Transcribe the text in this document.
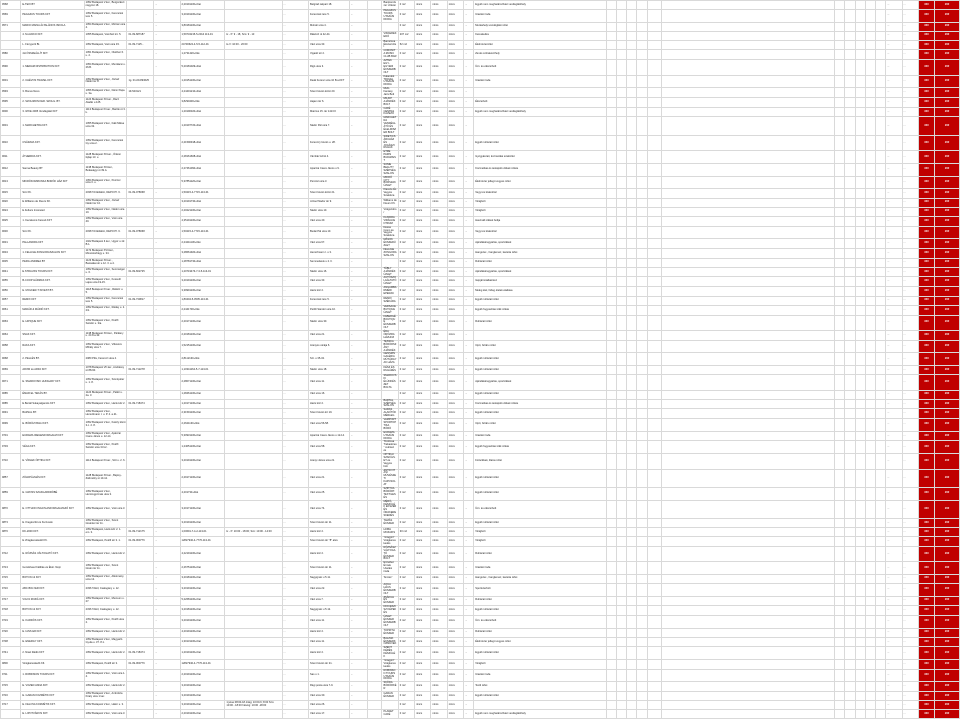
9568	E-TEXI BT	1052 Budapest V.ker., Bergszászi négyzet 18.		...	2,20191130+0ûé		...	Belgrád rakpart 18.	...		Bankrendszer Üzletei	0 m2	nincs	nincs	nincs	...	Egyéb nem meghatározható vendéglátóhely												...	...	###	###
9569	PEGAZUS TOURS KFT	1052 Budapest V.ker., Ferenciek tere 5.		...	3,20191130+0ûé		...	Ferenciek tere 5.	...		PEGAZUS TOURS UTAZÁSI IRODA	0 m2	nincs	nincs	nincs	...	Utazási iroda												...	...	###	###
9571	MARIO MAINA ÁLTALÁNOS ISKOLA	1054 Budapest V.ker., Molnár utca 4.		...	3,80181130+0ûé		...	Molnár utca 4.	...			0 m2	nincs	nincs	nincs	...	Munkahelyi vendéglátó üzlet												...	...	###	###
	4. M-AVAKO KFT.	1055 Budapest, Vámház krt. 5.	01-09-687187	...	1,59734215-5-2014 113-01	H - P: 9 - 18, Szo: 9 - 13	...	Rákóczi út 42-44.	...		VIKKEREKEDŐ	207 m2	nincs	nincs	nincs	...	Kereskedés												...	...	###	###
	L. Fényporti Bt.	1052 Budapest, Váci utca 33.	01-09-7125...	...	24730622-4-5-5-112-01	H-V: 10:00 - 20:00	...	Váci utca 33.	...		Barcelona Ékszerüzlet	52 m2	nincs	nincs	nincs	...	Élelmiszerüzlet												...	...	###	###
9580	4H ÖSSZEÁLLÍT KFT.	1051 Budapest V.ker., Október 6. u. 2.		...	1,2731420+0ûé		...	Vigadó tér 2.	...		CORONITA MUSIC CLUB BAR	0 m2	nincs	nincs	nincs	...	Zenés szórakozóhely												...	...	###	###
9590	1. MEDAM DISTRIBUTION KFT.	1054 Budapest V.ker., Munkácsi u. 26.B.		...	5,20181029+0ûé		...	Rigó utca 3.	...		AZTEK EGY-EGYEDI ÉKSZERBOLT	0 m2	nincs	nincs	nincs	...	Üzv. és ékszerbolt												...	...	###	###
9601	2. CHÉVOS TRAVEL KFT.	1052 Budapest V.ker., József Nádor tér 8.	1g. 01-09-893625	...	1,20151130+0ûé		...	Deák Ferenc utca 10 B.a.KFT	...		Kalandok TRAVEL UTAZÁSI IRODA	0 m2	nincs	nincs	nincs	...	Utazási iroda												...	...	###	###
9593	3. Bonus Nexo	1056 Budapest V.ker., Dánn Papa u. 3a.	19-543121	...	4,24401210+0ûé		...	Szent István körút 20.	...		Multi-Fantasy Jairs Bolt	0 m2	nincs	nincs	nincs	...													...	...	###	###
9595	2. SZOLIMON KER. SZOLG. BT.	1124 Budapest XII.ker., Rácz Aladár u.125.		...	3,8290430+0ûé		...	Hajam tér 6.	...		MILKIP AJÁNDÉKBOLT	0 m2	nincs	nincs	nincs	...	Ékszerbolt												...	...	###	###
9600	3. IZIVE 2005 Vendéglátó KFT	1113 Budapest XI.ker., Bartók út 3. k.		...	1,20190320+0ûé		...	Március 15. tér 1413 K	...		CAFÉ CENTRA KÁVÉZÓ	0 m2	nincs	nincs	nincs	...	Egyéb nem meghatározható vendéglátóhely												...	...	###	###
9601	1. MARCHETRA KFT.	1055 Budapest V.ker., Falk Miksa utca 32.		...	1,20197720+0ûé		...	Nádor Pál utca 7.	...		MARCHETRA VENDÉGLÁTÓ ÉS ÉLELMISZER BOLT	0 m2	nincs	nincs	nincs	...													...	...	###	###
9610	CSÁRAVA KFT.	1052 Budapest V.ker., Ferenciek Gy utca 2.		...	2,21590918+0ûé		...	Ferenczy István u. 28.	...		SIDETICS ÁRUHÁZ ÉS JOGÁSZI RUHÁK	0 m2	nincs	nincs	nincs	...	Egyéb ruházati üzlet												...	...	###	###
9611	ÁTHERDIA KFT.	1128 Budapest XII.ker., Őrkési fejlap 13. u.		...	2,28161608+0ûé		...	Vámház körút 4.	...		ETRE PARIS BUDAPEST	0 m2	nincs	nincs	nincs	...	Gyógyászati, kozmetikai szaküzlet												...	...	###	###
9612	Sanna Beauty BT	1138 Budapest XIII.ker., Bokaságyi út 39.A.		...	2,27461090+0ûé		...	Apáczai Csere János u 9.	...		SOME BEAUTY SZÉPSÉGSZALON	0 m2	nincs	nincs	nincs	...	Kozmetikai és testápoló cikkek üzlete												...	...	###	###
9613	MIKRÓKOMMUNKA BORÓK HÁZ KFT	1054 Budapest V.ker., Perczel utca 3. u.		...	5,37851120+0ûé		...	Perczel utca 3.	...		MIKRÓ CITY BORSZAKÜZLET	0 m2	nincs	nincs	nincs	...	Élelmiszer jellegű vegyes üzlet												...	...	###	###
9615	Szú Kft.	2038 Törökbálint, DEPO Pf. 6.	01-09-078068	...	1,50215-4-7715-113-01		...	Szent István körút 21.	...		Klassze És Vegyes Szakokra	0 m2	nincs	nincs	nincs	...	Vegyi és kisáruház												...	...	###	###
9620	E.Williams de Fleurs Kft.	1052 Budapest V.ker., József Nádor tér 10.		...	3,20191730+0ûé		...	József Nádor tér 9.	...		Williams de Fleurs Kft.	0 m2	nincs	nincs	nincs	...	Virágbolt												...	...	###	###
9624	E.Fellucs Incorated	1052 Budapest V.ker., Nádor utca 10.		...	2,20221130+0ûé		...	Nádor utca 10.	...		Virágszobor	0 m2	nincs	nincs	nincs	...	Virágbolt												...	...	###	###
9625	1. Kecskemé Kereső KFT	1052 Budapest V.ker., Váci utca 40.		...	4,35191130+0ûé		...	Váci utca 40.	...		KLINDRA VIRÁGCENTRUM	0 m2	nincs	nincs	nincs	...	Használt cikkek boltja												...	...	###	###
9630	Szú Kft.	2038 Törökbálint, DEPO Pf. 6.	01-09-078068	...	1,50215-4-7715-113-01		...	Budai Pál utca 10.	...		Dessa Cosm és Vegyes Szakokra	0 m2	nincs	nincs	nincs	...	Vegyi és kisáruház												...	...	###	###
9631	PALLANDRA KFT	1022 Budapest II.ker., Ugyér u.12. B.1.		...	2,24211130+0ûé		...	Váci utca 67.	...		MÁSOK ÉKSZERÜZLET	0 m2	nincs	nincs	nincs	...	Ajándékárugyártás, sportcikkek												...	...	###	###
9634	1. FELLIGE ZONGORASZALON KFT	1172 Budapest XVII.ker., Monostorbégy u. 34.		...	3,28661920+0ûé		...	Henszlmann I. u 3.	...		FELLIGE ZONGORASZALON	0 m2	nincs	nincs	nincs	...	Hangszer-, hanglemez, kazetta üzlet												...	...	###	###
9635	PERG ANDREA BT	1123 Budapest XII.ker., Bacsákemér u.12. 3. a.4.		...	1,28781730+0ûé		...	Semmelweis u 2. ll.	...			0 m2	nincs	nincs	nincs	...	Ruházati üzlet												...	...	###	###
9641	E.STRAUSS TOURS KFT.	1052 Budapest V.ker., Semmelgei u. 6.	01-09-662725	...	1,20719473-7-3-5-113-01		...	Nádor utca 16.	...		TÁBLY AJÁNDÉKÜZLET	0 m2	nincs	nincs	nincs	...	Ajándékárugyártás, sportcikkek												...	...	###	###
9655	B-COOP HÁRMAS KFT.	1052 Budapest V.ker., Kossuth Lajos utca 19-15.		...	3,20191130+0ûé		...	Váci utca 33.	...		AUTÓSZOLGÁLTATÓ ÜZLET	0 m2	nincs	nincs	nincs	...	Gépjárműalkatrész												...	...	###	###
9656	E. MOLKER-T INVEST BT.	1118 Budapest XI.ker., Rétköz u. 5.		...	3,39991130+0ûé		...	Haris köz 2.	...		ANGAMBARMÉRI EPERAK	0 m2	nincs	nincs	nincs	...	Meleg étel, hideg ételek eladása												...	...	###	###
9657	REMIX KFT	1052 Budapest V.ker., Ferenciek tere 5.	01-09-730817	...	1,80404-5-0505-113-01		...	Ferenciek tere 5.	...		REMIX SZÉKÁRA	0 m2	nincs	nincs	nincs	...	Egyéb ruházati üzlet												...	...	###	###
9661	MADÁR & MÁRIÓ KFT.	1052 Budapest V.ker., Ráday u. 2. 2/1.		...	2,2441730+0ûé		...	Petőfi Sándor utca 10.	...		VERSACE BUTIQUE ÜZLET	0 m2	nincs	nincs	nincs	...	Egyéb fogyasztási cikk üzlete												...	...	###	###
9663	E. HIPIQUE KFT.	1052 Budapest V.ker., Petőfi Sándor u. 3/a.		...	2,20171130+0ûé		...	Nádor utca 30.	...		FABERGÉ BOUTIQUE ÉKSZERBOLT	0 m2	nincs	nincs	nincs	...	Ruházati üzlet												...	...	###	###
9664	SNAK KFT.	1138 Budapest XIII.ker., Párkány u. 24 8.a.32.		...	2,20181130+0ûé		...	Váci utca 21.	...		ÉDA ÖRÖZRA HÁZHOZ	0 m2	nincs	nincs	nincs	...													...	...	###	###
9658	RAKA KFT.	1052 Budapest V.ker., Vitkovics Mihály utca 7.		...	1,52151130+0ûé		...	Aranyos utcája 6.	...		TESSKA BÖRÖRSZÁNY AJÁNDÉK	0 m2	nincs	nincs	nincs	...	Cipő, bőráru üzlet												...	...	###	###
9668	2. PELLÉS BT.	2080 Pilis, Ferenczi utca 4.		...	2,8112130+0ûé		...	Szt. u 35-32.	...		GENSZIN GALÉRIA MŰTÁRGYAK HÁZA	0 m2	nincs	nincs	nincs	...	Egyéb ruházati üzlet												...	...	###	###
9669	ARVIR és ARDJ KFT.	1078 Budapest VII.ker., Andrássy út 88-90.	01-09-712278	...	1,10341164-5-7-113-01		...	Nádor utca 18.	...		KÉSZ ÉS RUHÁZÉS	0 m2	nincs	nincs	nincs	...	Egyéb ruházati üzlet												...	...	###	###
9671	E. SMAROVSKI HUNGARY KFT.	1052 Budapest V.ker., Szentpéter u. 1. 8.		...	2,28071130+0ûé		...	Váci utca 11.	...		SMAROVSKI ÉLÜNKÉSZET BOLTA	0 m2	nincs	nincs	nincs	...	Ajándékárugyártás, sportcikkek												...	...	###	###
9685	ÉMAR EL TEKÁS BT.	1124 Budapest XII.ker., Pallér u. 2a. 3.		...	1,28461130+0ûé		...	Váci utca 16.	...			0 m2	nincs	nincs	nincs	...	Egyéb ruházati üzlet												...	...	###	###
9685	E.Bertál Sukayalganolo KFT	1052 Budapest V.ker., Haris köz 2.	01-09-718474	...	1,20171130+0ûé		...	Haris köz 2.	...		BARTAL SZÉPSÉGSZALON	0 m2	nincs	nincs	nincs	...	Kozmetikai és testápoló cikkek üzlete												...	...	###	###
9691	BAZSAL BT.	1052 Budapest V.ker., Henszlmann I. u. P. 4. a.21.		...	2,31591130+0ûé		...	Szent István krt 19.	...		SARAS ALAKÍTÓK MÉRLEG	0 m2	nincs	nincs	nincs	...	Egyéb ruházati üzlet												...	...	###	###
9699	E. BÖRÖZI BAGI KFT.	1052 Budapest V.ker., Károly körút 3.c. 2. 8.		...	2,2621130+0ûé		...	Váci utca 56-58.	...		VAMPORT SPORTOPTIKA BÖRÖ	0 m2	nincs	nincs	nincs	...	Cipő, bőráru üzlet												...	...	###	###
9701	EURAMA IDEGENFORGALMI KFT	1052 Budapest V.ker., Apáczai Csere János u. 12-14.		...	5,30931130+0ûé		...	Apáczai Csere János u 12-14.	...		EURAMA UTAZÁSI IRODA	0 m2	nincs	nincs	nincs	...	Utazási iroda												...	...	###	###
9703	VÉGA KFT.	1052 Budapest V.ker., Petőfi Sándor utca 3.Fsz.		...	1,24051130+0ûé		...	Váci utca 58.	...		"Dolcissa Trabadores" cukrász és	0 m2	nincs	nincs	nincs	...	Egyéb fogyasztási cikk üzlete												...	...	###	###
9710	E. VÍRLEK ÓPTIKA KFT.	1112 Budapest XI.ker., Sző u. 2. 6.		...	3,20191130+0ûé		...	Aranyi János utca 21.	...		OPTIKAI SZAKÜZLET és Vegyes bolt	0 m2	nincs	nincs	nincs	...	Fotócikkek, illatos üzlet												...	...	###	###
9857	ZÖLDPÁLMÁS KFT.	1128 Budapest XII.ker., Bajcsy-Zsilinszky út 10-12.		...	2,29171130+0ûé		...	Váci utca 21.	...		ANTIKVITÁSI MÜVÉSZETI KAPCSOLAT	0 m2	nincs	nincs	nincs	...	Egyéb ruházati üzlet												...	...	###	###
9859	E. GROSS SZAKGARDRÓBÉ	1052 Budapest V.ker., Herczegprímás utca 3.		...	4,201730+0ûé		...	Váci utca 25.	...		SZIPTOA BÖRÖRT. TEXTILES ÉS	0 m2	nincs	nincs	nincs	...	Egyéb ruházati üzlet												...	...	###	###
9870	E. OTTHON INGATLANFORGALMAZÓ KFT	1052 Budapest V.ker., Váci utca 3.		...	3,20171130+0ûé		...	Váci utca 74.	...		MÉRÖ-KÉSZÜLÉK ÉKSZER ÉS ÓRAKERESKEDÉS	0 m2	nincs	nincs	nincs	...	Üzv. és ékszerbolt												...	...	###	###
9873	E. Kiegészítő és Kurzusok	1052 Budapest V.ker., Szent Istvántér tér 11.		...	3,20191130+0ûé		...	Szent István tér 11.	...		TAMÁS ÉKSZER	0 m2	nincs	nincs	nincs	...	Egyéb ruházati üzlet												...	...	###	###
9876	DK-2000 KFT.	1052 Budapest, Haris köz 2. 1. em. 3.	01-09-712175	...	1,00691-7-4-2-113-01	H - P: 10:00 - 18:00; Szo: 10:00 - 14:00	...	Haris köz 2.	...		HOBLI MOZAIKS	30 m2	nincs	nincs	nincs	...	Virágbolt												...	...	###	###
	E.Virágkereskedő Kft.	1052 Budapest, Petőfi tér 3. 1.	01-09-060776	...	12827940-4-7776-113-01		...	Szent István tér "8" alsó.	...		"virágpiri" Virágkereskedés	0 m2	nincs	nincs	nincs	...	Virágbolt												...	...	###	###
9712	E. RÓZSÁS VÁLTOGATÓ KFT.	1052 Budapest V.ker., Haris köz 2.		...	4,22191130+0ûé		...	Haris köz 2.	...		RÓZSÁSZ VÁLTOGATÓ ÉKSZER BOLT	0 m2	nincs	nincs	nincs	...	Ruházati üzlet												...	...	###	###
9713	Gondolvas Kiállítás és Ékür. Népi	1052 Budapest V.ker., Szent István tér 11.		...	2,26751130+0ûé		...	Szent István tér 11.	...		Erzsébet Érmek Utazási iroda	0 m2	nincs	nincs	nincs	...	Utazási iroda												...	...	###	###
9715	BOTON 12 KFT.	1052 Budapest V.ker., Alkotmány utca 12.		...	3,20181130+0ûé		...	Nagyignác u 5.11.	...		"Emiss"	0 m2	nincs	nincs	nincs	...	Hangszer-, hanglemez, kazetta üzlet												...	...	###	###
9716	ABC BOLYER KFT.	2336 Tököl, Csalogány u. 12.		...	3,20191130+0ûé		...	Váci utca 22.	...		AQUA HAUS ÉKSZERBOLT	0 m2	nincs	nincs	nincs	...	Sportszerbolt												...	...	###	###
9717	VIGYA ROZIÁ KFT.	1052 Budapest V.ker., Muzeum u. 27.		...	5,22681130+0ûé		...	Váci utca 7.	...		ZSÁKULI ÉS ÉKSZER	0 m2	nincs	nincs	nincs	...	Ruházati üzlet												...	...	###	###
9718	BOTON 12 KFT.	2336 Tököl, Csalogány u. 12.		...	3,20181130+0ûé		...	Nagyignác u 5.12.	...		DIOCESZISZ KÉPEK ÉS	0 m2	nincs	nincs	nincs	...	Egyéb ruházati üzlet												...	...	###	###
9719	E. KARDÓS KFT.	1052 Budapest V.ker., Petőfi utca 2.		...	3,20191130+0ûé		...	Váci utca 11.	...		ÜZLET ÉKSZER ÉKSZERBOLT	0 m2	nincs	nincs	nincs	...	Üzv. és ékszerbolt												...	...	###	###
9720	E. IANS ER KFT.	1052 Budapest V.ker., Haris köz 2.		...	4,20191130+0ûé		...	Haris köz 2.	...		TOPRITH ÉKSZER	0 m2	nincs	nincs	nincs	...	Ruházati üzlet												...	...	###	###
9738	E. ENERGY KFT.	1052 Budapest V.ker., Magyarló Gyula u. 37. 8.1.		...	1,30131130+0ûé		...	Váci utca 11.	...		BALZAK ÉKSZERKÖZMŰVEK	0 m2	nincs	nincs	nincs	...	Élelmiszer jellegű vegyes üzlet												...	...	###	###
9741	2. Nisel Rádió KFT	1052 Budapest V.ker., Haris köz 2.	01-09-718474	...	1,20191130+0ûé		...	Haris köz 2.	...		SZENT KÉRÉS KÉSZÜLÉK	0 m2	nincs	nincs	nincs	...	Egyéb ruházati üzlet												...	...	###	###
9800	Virágkereskedő Kft.	1052 Budapest, Petőfi tér 3.	01-09-060776	...	12827940-4-7776-113-01		...	Szent István tér 21.	...		"virágpiri" Virágkereskedés	0 m2	nincs	nincs	nincs	...	Virágbolt												...	...	###	###
9711	1. ROBINSON TOURS KFT.	1052 Budapest V.ker., Váci utca 1. 4.		...	2,20191130+0ûé		...	Sas u 1.	...		ROBINSON TOURS UTAZÁSI IRODA	0 m2	nincs	nincs	nincs	...	Utazási iroda												...	...	###	###
9715	E. VOZED ANNA KFT.	1052 Budapest V.ker., Haris köz 2.		...	3,20191130+0ûé		...	Régi posta utca 7-9.	...		SKÓDA BÖRÖRKÉR	0 m2	nincs	nincs	nincs	...	Textil üzlet												...	...	###	###
9716	E. GARAN KOZMÉTIK KFT	1052 Budapest V.ker., Ambrózia Kiraly utca 1 ker.		...	3,20191130+0ûé		...	Váci utca 30.	...		GARAN ÉKSZER	0 m2	nincs	nincs	nincs	...	Egyéb ruházati üzlet												...	...	###	###
9717	E. FELOVA KOZMÉTIK KFT.	1052 Budapest V.ker., Hátor u. 3.		...	3,20191130+0ûé	1 jelue 08:00-18 óráig; 10:00-6; 8:00 Szo: 10:00 - 18:00 hétvég: 10:00 -18:00	...	Váci utca 26.	...			0 m2	nincs	nincs	nincs	...													...	...	###	###
	E. LIPOTVÁROS KFT.	1052 Budapest V.ker., Váci utca 3.		...	2,20191130+0ûé		...	Váci utca 17.	...		PLANET CAFÉ	0 m2	nincs	nincs	nincs	...	Egyéb nem meghatározható vendéglátóhely												...	...	###	###
